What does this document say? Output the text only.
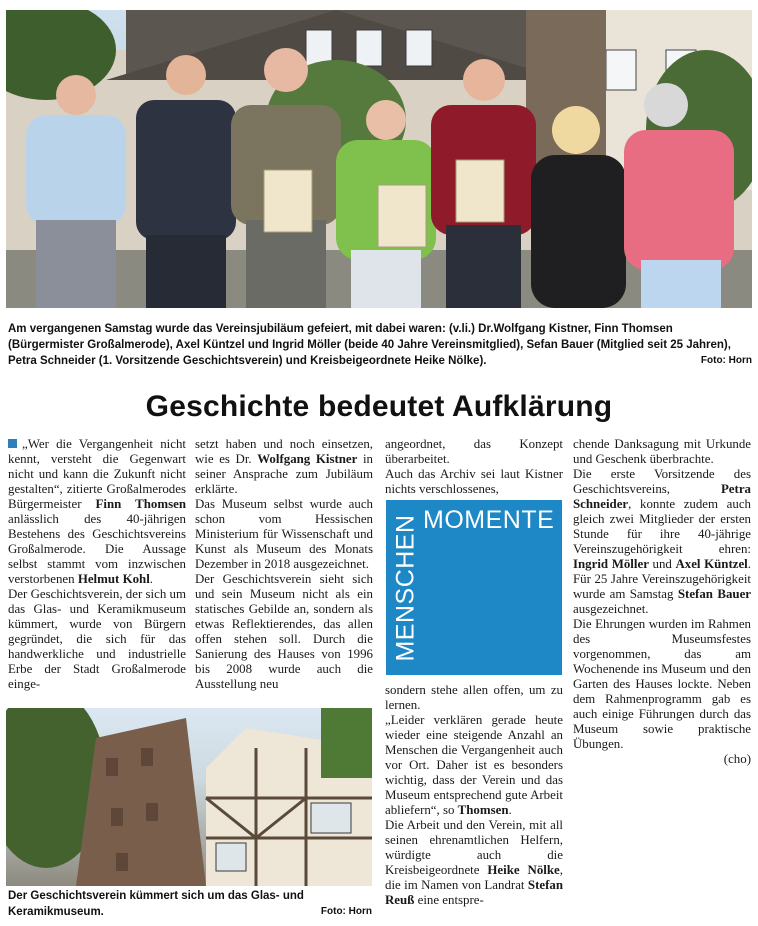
Am vergangenen Samstag wurde das Vereinsjubiläum gefeiert, mit dabei waren: (v.li.) Dr.Wolfgang Kistner, Finn Thomsen (Bürgermister Großalmerode), Axel Küntzel und Ingrid Möller (beide 40 Jahre Vereinsmitglied), Sefan Bauer (Mitglied seit 25 Jahren), Petra Schneider (1. Vorsitzende Geschichtsverein) und Kreisbeigeordnete Heike Nölke).	Foto: Horn
Geschichte bedeutet Aufklärung

„Wer die Vergangenheit nicht kennt, versteht die Gegenwart nicht und kann die Zukunft nicht gestalten“, zitierte Großalmerodes Bürgermeister Finn Thomsen anlässlich des 40-jährigen Bestehens des Geschichtsvereins Großalmerode. Die Aussage selbst stammt vom inzwischen verstorbenen Helmut Kohl.

Der Geschichtsverein, der sich um das Glas- und Keramikmuseum kümmert, wurde von Bürgern gegründet, die sich für das handwerkliche und industrielle Erbe der Stadt Großalmerode einge-

setzt haben und noch einsetzen, wie es Dr. Wolfgang Kistner in seiner Ansprache zum Jubiläum erklärte.

Das Museum selbst wurde auch schon vom Hessischen Ministerium für Wissenschaft und Kunst als Museum des Monats Dezember in 2018 ausgezeichnet.

Der Geschichtsverein sieht sich und sein Museum nicht als ein statisches Gebilde an, sondern als etwas Reflektierendes, das allen offen stehen soll. Durch die Sanierung des Hauses von 1996 bis 2008 wurde auch die Ausstellung neu

angeordnet, das Konzept überarbeitet.

Auch das Archiv sei laut Kistner nichts verschlossenes,

MENSCHEN MOMENTE

sondern stehe allen offen, um zu lernen.

„Leider verklären gerade heute wieder eine steigende Anzahl an Menschen die Vergangenheit auch vor Ort. Daher ist es besonders wichtig, dass der Verein und das Museum entsprechend gute Arbeit abliefern“, so Thomsen.

Die Arbeit und den Verein, mit all seinen ehrenamtlichen Helfern, würdigte auch die Kreisbeigeordnete Heike Nölke, die im Namen von Landrat Stefan Reuß eine entspre-

chende Danksagung mit Urkunde und Geschenk überbrachte.

Die erste Vorsitzende des Geschichtsvereins, Petra Schneider, konnte zudem auch gleich zwei Mitglieder der ersten Stunde für ihre 40-jährige Vereinszugehörigkeit ehren: Ingrid Möller und Axel Küntzel. Für 25 Jahre Vereinszugehörigkeit wurde am Samstag Stefan Bauer ausgezeichnet.

Die Ehrungen wurden im Rahmen des Museumsfestes vorgenommen, das am Wochenende ins Museum und den Garten des Hauses lockte. Neben dem Rahmenprogramm gab es auch einige Führungen durch das Museum sowie praktische Übungen.

(cho)

Der Geschichtsverein kümmert sich um das Glas- und Keramikmuseum.	Foto: Horn
